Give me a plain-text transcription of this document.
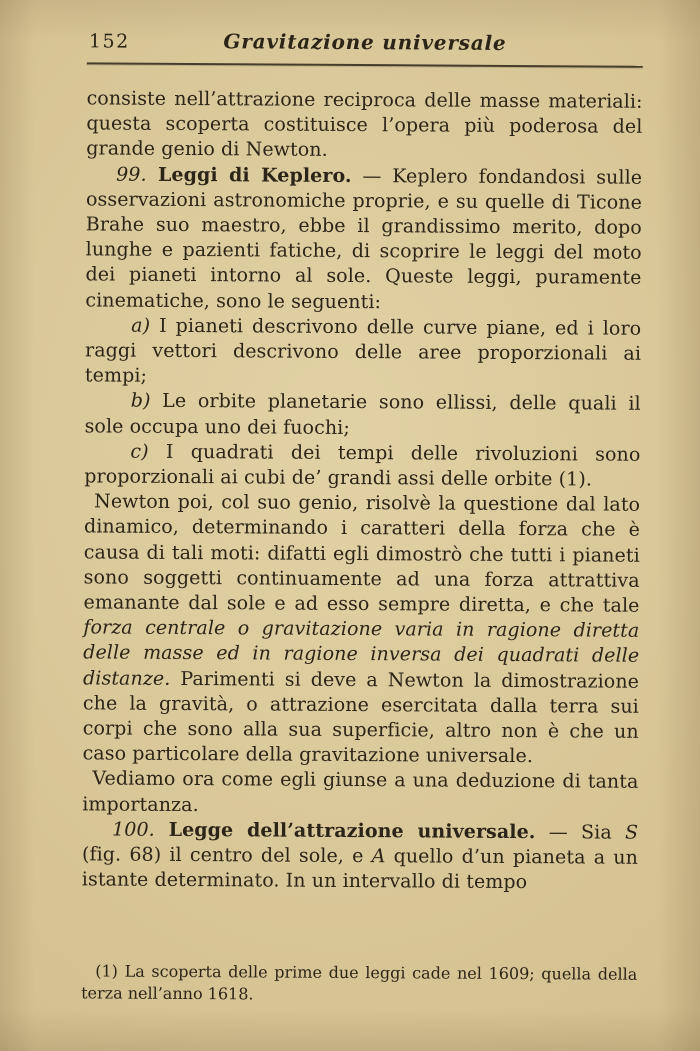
152	Gravitazione universale

consiste nell’attrazione reciproca delle masse materiali: questa scoperta costituisce l’opera più poderosa del grande genio di Newton.

99. Leggi di Keplero. — Keplero fondandosi sulle osservazioni astronomiche proprie, e su quelle di Ticone Brahe suo maestro, ebbe il grandissimo merito, dopo lunghe e pazienti fatiche, di scoprire le leggi del moto dei pianeti intorno al sole. Queste leggi, puramente cinematiche, sono le seguenti:

a) I pianeti descrivono delle curve piane, ed i loro raggi vettori descrivono delle aree proporzionali ai tempi;

b) Le orbite planetarie sono ellissi, delle quali il sole occupa uno dei fuochi;

c) I quadrati dei tempi delle rivoluzioni sono proporzionali ai cubi de’ grandi assi delle orbite (1).

Newton poi, col suo genio, risolvè la questione dal lato dinamico, determinando i caratteri della forza che è causa di tali moti: difatti egli dimostrò che tutti i pianeti sono soggetti continuamente ad una forza attrattiva emanante dal sole e ad esso sempre diretta, e che tale forza centrale o gravitazione varia in ragione diretta delle masse ed in ragione inversa dei quadrati delle distanze. Parimenti si deve a Newton la dimostrazione che la gravità, o attrazione esercitata dalla terra sui corpi che sono alla sua superficie, altro non è che un caso particolare della gravitazione universale.

Vediamo ora come egli giunse a una deduzione di tanta importanza.

100. Legge dell’attrazione universale. — Sia S (fig. 68) il centro del sole, e A quello d’un pianeta a un istante determinato. In un intervallo di tempo

(1) La scoperta delle prime due leggi cade nel 1609; quella della terza nell’anno 1618.
